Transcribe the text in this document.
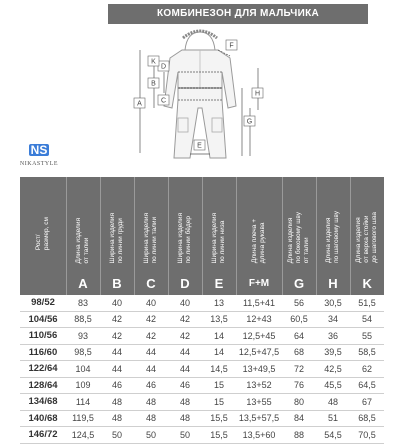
КОМБИНЕЗОН ДЛЯ МАЛЬЧИКА
A
B
C
D
E
F
G
H
K
NS
NIKASTYLE
Рост/
размер, см	Длина изделия
от талии	Ширина изделия
по линии груди	Ширина изделия
по линии талии	Ширина изделия
по линии бёдер	Ширина изделия
по линии низа	Длина плеча +
длина рукава	Длина изделия
по боковому шву
от талии	Длина изделия
по шаговому шву	Длина изделия
от верха стойки
до шагового шва
	A	B	C	D	E	F+M	G	H	K
98/52	83	40	40	40	13	11,5+41	56	30,5	51,5
104/56	88,5	42	42	42	13,5	12+43	60,5	34	54
110/56	93	42	42	42	14	12,5+45	64	36	55
116/60	98,5	44	44	44	14	12,5+47,5	68	39,5	58,5
122/64	104	44	44	44	14,5	13+49,5	72	42,5	62
128/64	109	46	46	46	15	13+52	76	45,5	64,5
134/68	114	48	48	48	15	13+55	80	48	67
140/68	119,5	48	48	48	15,5	13,5+57,5	84	51	68,5
146/72	124,5	50	50	50	15,5	13,5+60	88	54,5	70,5
